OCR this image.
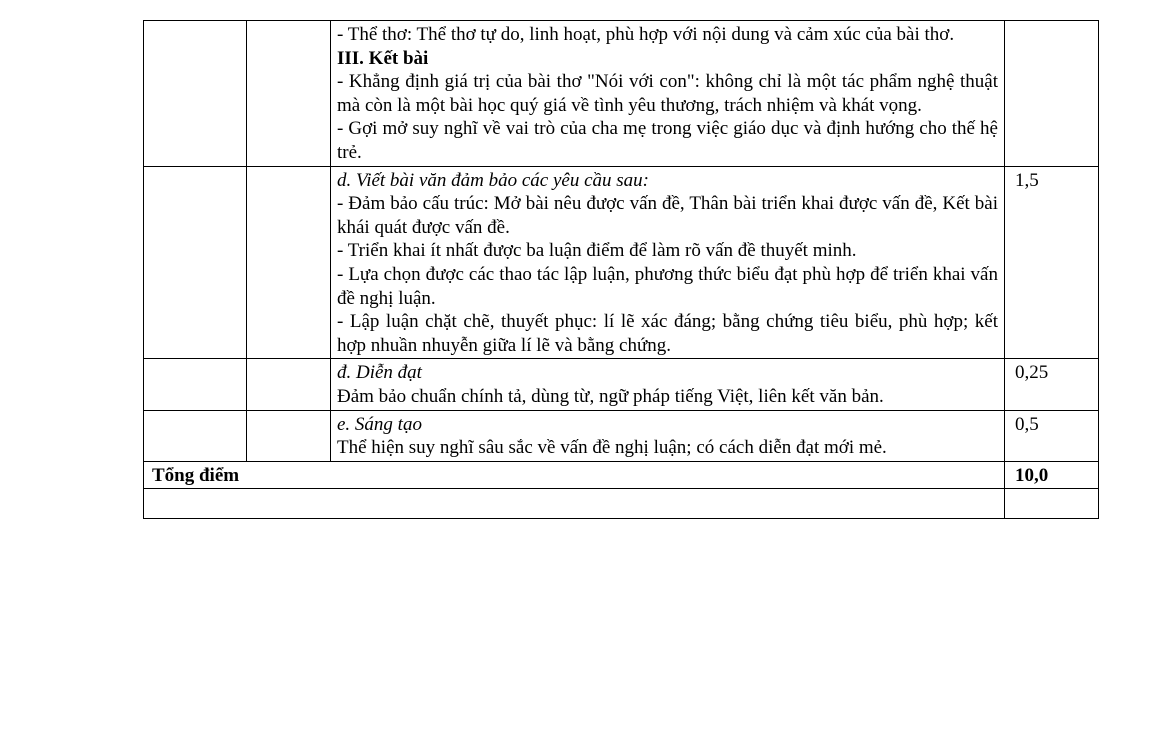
		- Thể thơ: Thể thơ tự do, linh hoạt, phù hợp với nội dung và cảm xúc của bài thơ.
III. Kết bài
- Khẳng định giá trị của bài thơ "Nói với con": không chỉ là một tác phẩm nghệ thuật mà còn là một bài học quý giá về tình yêu thương, trách nhiệm và khát vọng.
- Gợi mở suy nghĩ về vai trò của cha mẹ trong việc giáo dục và định hướng cho thế hệ trẻ.	

		d. Viết bài văn đảm bảo các yêu cầu sau:
- Đảm bảo cấu trúc: Mở bài nêu được vấn đề, Thân bài triển khai được vấn đề, Kết bài khái quát được vấn đề.
- Triển khai ít nhất được ba luận điểm để làm rõ vấn đề thuyết minh.
- Lựa chọn được các thao tác lập luận, phương thức biểu đạt phù hợp để triển khai vấn đề nghị luận.
- Lập luận chặt chẽ, thuyết phục: lí lẽ xác đáng; bằng chứng tiêu biểu, phù hợp; kết hợp nhuần nhuyễn giữa lí lẽ và bằng chứng.	1,5

		đ. Diễn đạt
Đảm bảo chuẩn chính tả, dùng từ, ngữ pháp tiếng Việt, liên kết văn bản.	0,25

		e. Sáng tạo
Thể hiện suy nghĩ sâu sắc về vấn đề nghị luận; có cách diễn đạt mới mẻ.	0,5
Tổng điểm			10,0
